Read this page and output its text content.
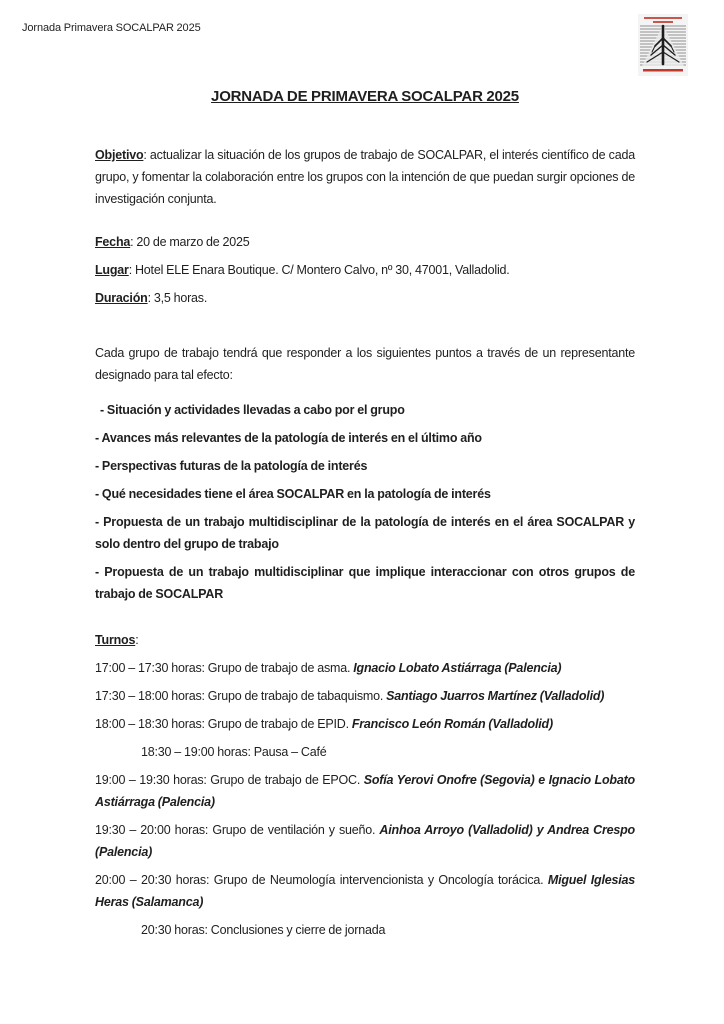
Jornada Primavera SOCALPAR 2025

JORNADA DE PRIMAVERA SOCALPAR 2025

Objetivo: actualizar la situación de los grupos de trabajo de SOCALPAR, el interés científico de cada grupo, y fomentar la colaboración entre los grupos con la intención de que puedan surgir opciones de investigación conjunta.

Fecha: 20 de marzo de 2025

Lugar: Hotel ELE Enara Boutique. C/ Montero Calvo, nº 30, 47001, Valladolid.

Duración: 3,5 horas.

Cada grupo de trabajo tendrá que responder a los siguientes puntos a través de un representante designado para tal efecto:

- Situación y actividades llevadas a cabo por el grupo

- Avances más relevantes de la patología de interés en el último año

- Perspectivas futuras de la patología de interés

- Qué necesidades tiene el área SOCALPAR en la patología de interés

- Propuesta de un trabajo multidisciplinar de la patología de interés en el área SOCALPAR y solo dentro del grupo de trabajo

- Propuesta de un trabajo multidisciplinar que implique interaccionar con otros grupos de trabajo de SOCALPAR

Turnos:

17:00 – 17:30 horas: Grupo de trabajo de asma. Ignacio Lobato Astiárraga (Palencia)

17:30 – 18:00 horas: Grupo de trabajo de tabaquismo. Santiago Juarros Martínez (Valladolid)

18:00 – 18:30 horas: Grupo de trabajo de EPID. Francisco León Román (Valladolid)

18:30 – 19:00 horas: Pausa – Café

19:00 – 19:30 horas: Grupo de trabajo de EPOC. Sofía Yerovi Onofre (Segovia) e Ignacio Lobato Astiárraga (Palencia)

19:30 – 20:00 horas: Grupo de ventilación y sueño. Ainhoa Arroyo (Valladolid) y Andrea Crespo (Palencia)

20:00 – 20:30 horas: Grupo de Neumología intervencionista y Oncología torácica. Miguel Iglesias Heras (Salamanca)

20:30 horas: Conclusiones y cierre de jornada
